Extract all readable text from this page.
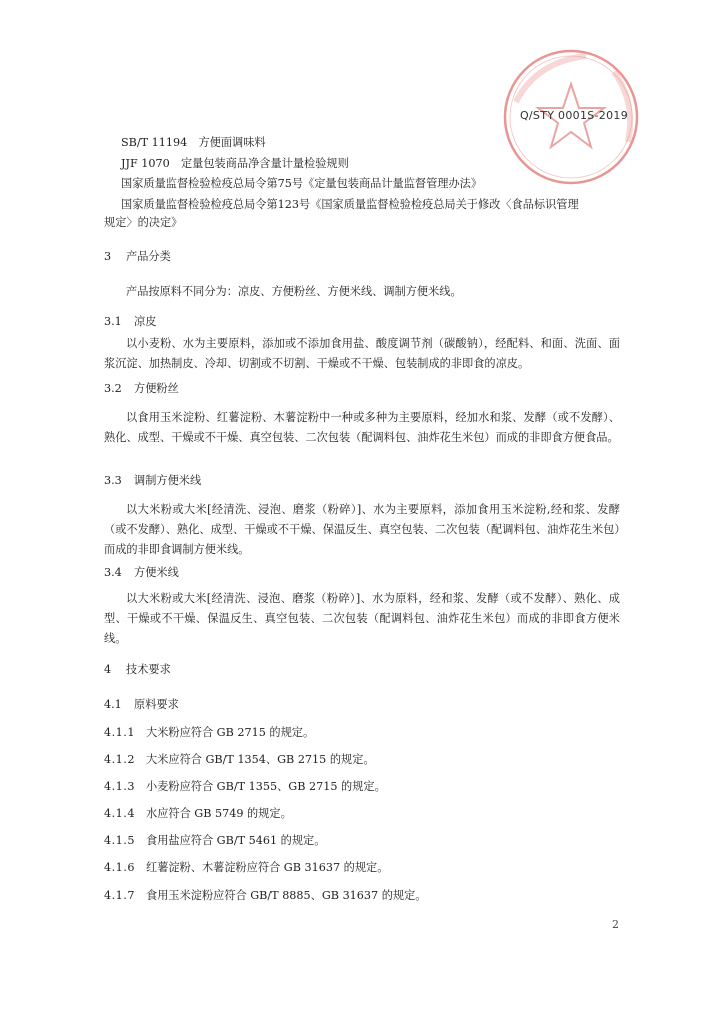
Q/STY 0001S-2019
SB/T 11194　方便面调味料
JJF 1070　定量包装商品净含量计量检验规则
国家质量监督检验检疫总局令第75号《定量包装商品计量监督管理办法》
国家质量监督检验检疫总局令第123号《国家质量监督检验检疫总局关于修改〈食品标识管理
规定〉的决定》
3 产品分类
产品按原料不同分为：凉皮、方便粉丝、方便米线、调制方便米线。
3.1 凉皮
以小麦粉、水为主要原料，添加或不添加食用盐、酸度调节剂（碳酸钠），经配料、和面、洗面、面浆沉淀、加热制皮、冷却、切割或不切割、干燥或不干燥、包装制成的非即食的凉皮。
3.2 方便粉丝
以食用玉米淀粉、红薯淀粉、木薯淀粉中一种或多种为主要原料，经加水和浆、发酵（或不发酵）、熟化、成型、干燥或不干燥、真空包装、二次包装（配调料包、油炸花生米包）而成的非即食方便食品。
3.3 调制方便米线
以大米粉或大米[经清洗、浸泡、磨浆（粉碎）]、水为主要原料，添加食用玉米淀粉,经和浆、发酵（或不发酵）、熟化、成型、干燥或不干燥、保温反生、真空包装、二次包装（配调料包、油炸花生米包）而成的非即食调制方便米线。
3.4 方便米线
以大米粉或大米[经清洗、浸泡、磨浆（粉碎）]、水为原料，经和浆、发酵（或不发酵）、熟化、成型、干燥或不干燥、保温反生、真空包装、二次包装（配调料包、油炸花生米包）而成的非即食方便米线。
4 技术要求
4.1 原料要求
4.1.1 大米粉应符合 GB 2715 的规定。
4.1.2 大米应符合 GB/T 1354、GB 2715 的规定。
4.1.3 小麦粉应符合 GB/T 1355、GB 2715 的规定。
4.1.4 水应符合 GB 5749 的规定。
4.1.5 食用盐应符合 GB/T 5461 的规定。
4.1.6 红薯淀粉、木薯淀粉应符合 GB 31637 的规定。
4.1.7 食用玉米淀粉应符合 GB/T 8885、GB 31637 的规定。
2
